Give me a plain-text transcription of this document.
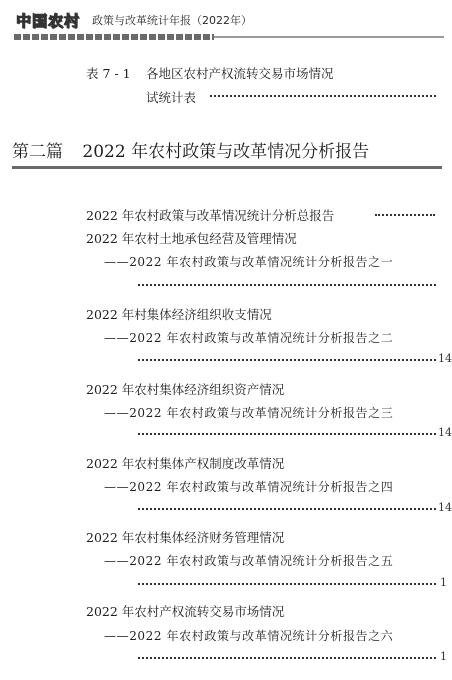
中国农村 政策与改革统计年报（2022年）
表 7 - 1 各地区农村产权流转交易市场情况
试统计表
第二篇 2022 年农村政策与改革情况分析报告
2022 年农村政策与改革情况统计分析总报告
2022 年农村土地承包经营及管理情况
——2022 年农村政策与改革情况统计分析报告之一
2022 年村集体经济组织收支情况
——2022 年农村政策与改革情况统计分析报告之二
14
2022 年农村集体经济组织资产情况
——2022 年农村政策与改革情况统计分析报告之三
14
2022 年农村集体产权制度改革情况
——2022 年农村政策与改革情况统计分析报告之四
14
2022 年农村集体经济财务管理情况
——2022 年农村政策与改革情况统计分析报告之五
1
2022 年农村产权流转交易市场情况
——2022 年农村政策与改革情况统计分析报告之六
1
